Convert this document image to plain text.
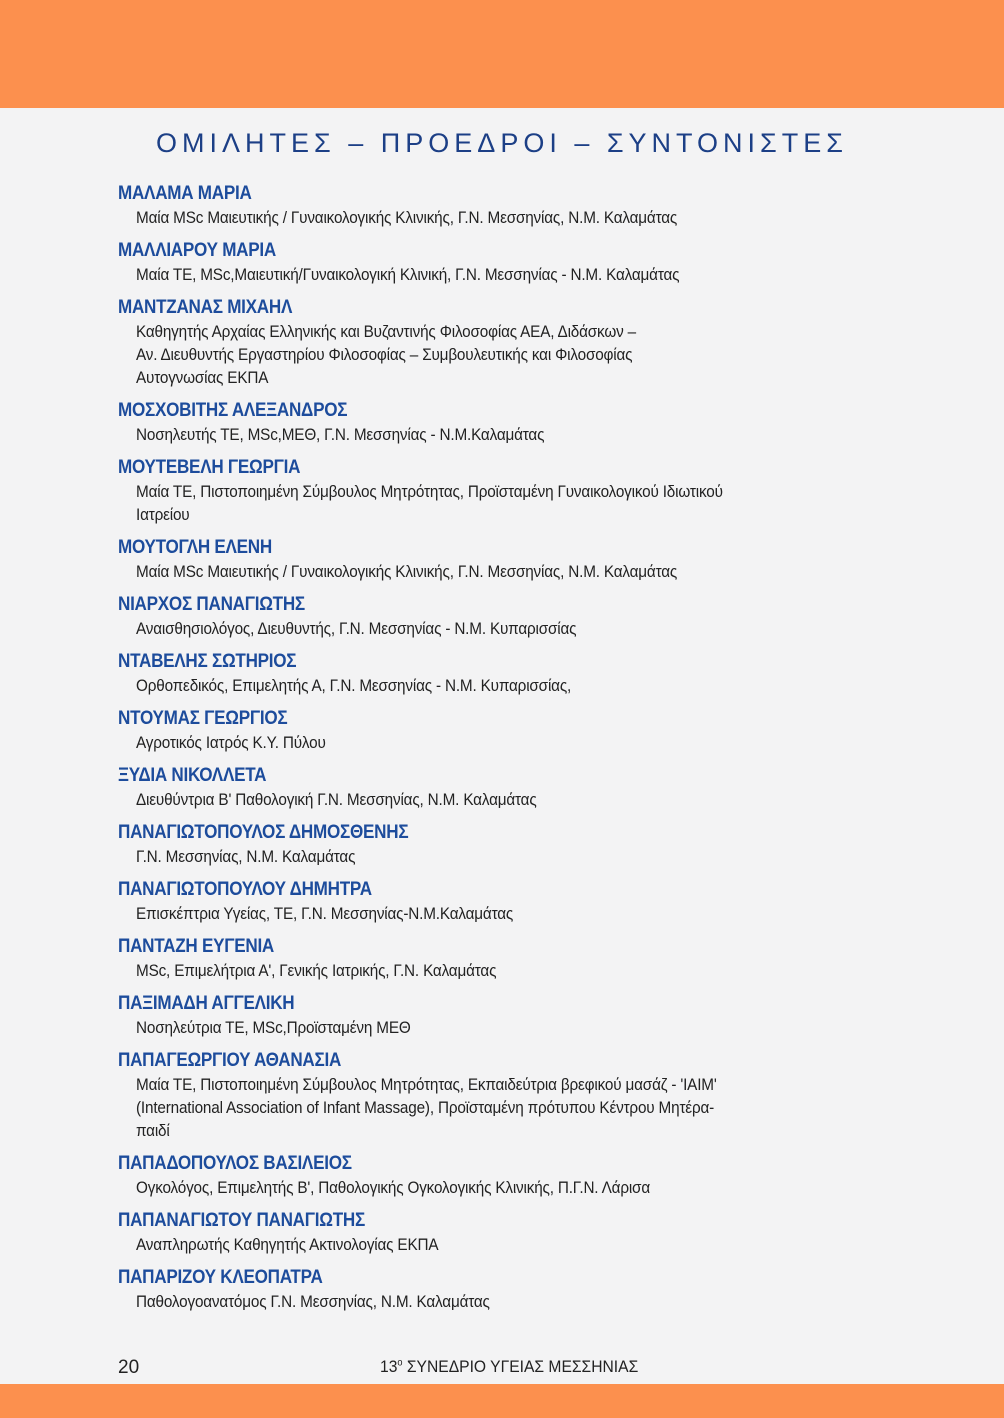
ΟΜΙΛΗΤΕΣ – ΠΡΟΕΔΡΟΙ – ΣΥΝΤΟΝΙΣΤΕΣ
ΜΑΛΑΜΑ ΜΑΡΙΑ
Μαία MSc Μαιευτικής / Γυναικολογικής Κλινικής, Γ.Ν. Μεσσηνίας, Ν.Μ. Καλαμάτας
ΜΑΛΛΙΑΡΟΥ ΜΑΡΙΑ
Μαία ΤΕ, MSc,Μαιευτική/Γυναικολογική Κλινική, Γ.Ν. Μεσσηνίας - Ν.Μ. Καλαμάτας
ΜΑΝΤΖΑΝΑΣ ΜΙΧΑΗΛ
Καθηγητής Αρχαίας Ελληνικής και Βυζαντινής Φιλοσοφίας ΑΕΑ, Διδάσκων –
Αν. Διευθυντής Εργαστηρίου Φιλοσοφίας – Συμβουλευτικής και Φιλοσοφίας
Αυτογνωσίας ΕΚΠΑ
ΜΟΣΧΟΒΙΤΗΣ ΑΛΕΞΑΝΔΡΟΣ
Νοσηλευτής ΤΕ, MSc,ΜΕΘ, Γ.Ν. Μεσσηνίας - Ν.Μ.Καλαμάτας
ΜΟΥΤΕΒΕΛΗ ΓΕΩΡΓΙΑ
Μαία ΤΕ, Πιστοποιημένη Σύμβουλος Μητρότητας, Προϊσταμένη Γυναικολογικού Ιδιωτικού
Ιατρείου
ΜΟΥΤΟΓΛΗ ΕΛΕΝΗ
Μαία MSc Μαιευτικής / Γυναικολογικής Κλινικής, Γ.Ν. Μεσσηνίας, Ν.Μ. Καλαμάτας
ΝΙΑΡΧΟΣ ΠΑΝΑΓΙΩΤΗΣ
Αναισθησιολόγος, Διευθυντής, Γ.Ν. Μεσσηνίας - Ν.Μ. Κυπαρισσίας
ΝΤΑΒΕΛΗΣ ΣΩΤΗΡΙΟΣ
Ορθοπεδικός, Επιμελητής Α, Γ.Ν. Μεσσηνίας - Ν.Μ. Κυπαρισσίας,
ΝΤΟΥΜΑΣ ΓΕΩΡΓΙΟΣ
Αγροτικός Ιατρός Κ.Υ. Πύλου
ΞΥΔΙΑ ΝΙΚΟΛΛΕΤΑ
Διευθύντρια Β' Παθολογική Γ.Ν. Μεσσηνίας, Ν.Μ. Καλαμάτας
ΠΑΝΑΓΙΩΤΟΠΟΥΛΟΣ ΔΗΜΟΣΘΕΝΗΣ
Γ.Ν. Μεσσηνίας, Ν.Μ. Καλαμάτας
ΠΑΝΑΓΙΩΤΟΠΟΥΛΟΥ ΔΗΜΗΤΡΑ
Επισκέπτρια Υγείας, ΤΕ, Γ.Ν. Μεσσηνίας-Ν.Μ.Καλαμάτας
ΠΑΝΤΑΖΗ ΕΥΓΕΝΙΑ
MSc, Επιμελήτρια Α', Γενικής Ιατρικής, Γ.Ν. Καλαμάτας
ΠΑΞΙΜΑΔΗ ΑΓΓΕΛΙΚΗ
Νοσηλεύτρια ΤΕ, MSc,Προϊσταμένη ΜΕΘ
ΠΑΠΑΓΕΩΡΓΙΟΥ ΑΘΑΝΑΣΙΑ
Μαία ΤΕ, Πιστοποιημένη Σύμβουλος Μητρότητας, Εκπαιδεύτρια βρεφικού μασάζ - 'IAIM'
(International Association of Infant Massage), Προϊσταμένη πρότυπου Κέντρου Μητέρα-
παιδί
ΠΑΠΑΔΟΠΟΥΛΟΣ ΒΑΣΙΛΕΙΟΣ
Ογκολόγος, Επιμελητής Β', Παθολογικής Ογκολογικής Κλινικής, Π.Γ.Ν. Λάρισα
ΠΑΠΑΝΑΓΙΩΤΟΥ ΠΑΝΑΓΙΩΤΗΣ
Αναπληρωτής Καθηγητής Ακτινολογίας ΕΚΠΑ
ΠΑΠΑΡΙΖΟΥ ΚΛΕΟΠΑΤΡΑ
Παθολογοανατόμος Γ.Ν. Μεσσηνίας, Ν.Μ. Καλαμάτας
20	$13^o$ ΣΥΝΕΔΡΙΟ ΥΓΕΙΑΣ ΜΕΣΣΗΝΙΑΣ
